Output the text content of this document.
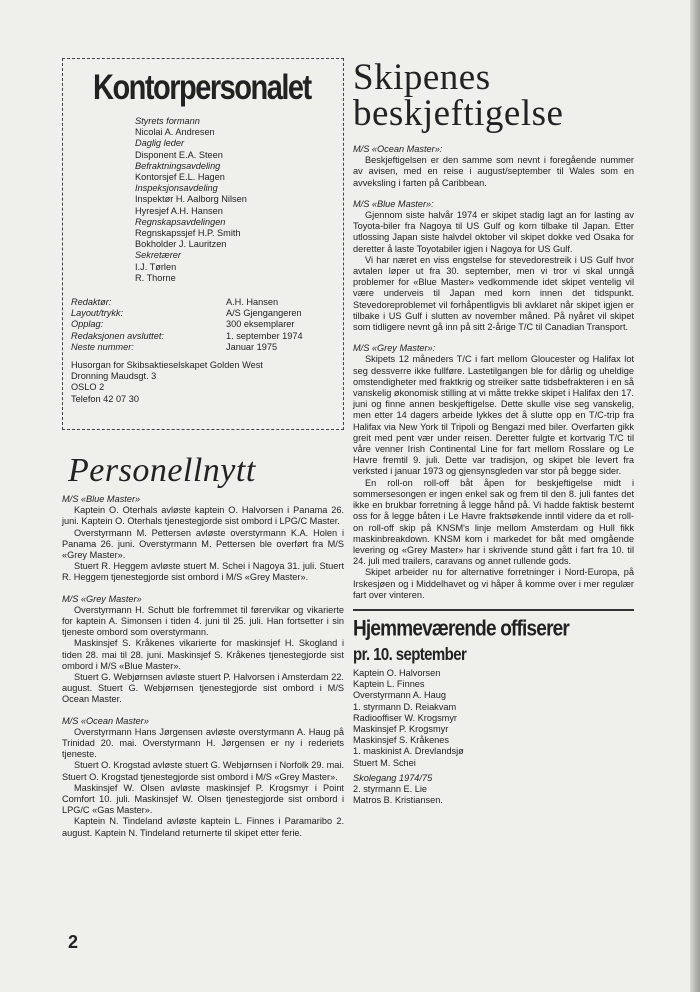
Kontorpersonalet
Styrets formann
Nicolai A. Andresen
Daglig leder
Disponent E.A. Steen
Befraktningsavdeling
Kontorsjef E.L. Hagen
Inspeksjonsavdeling
Inspektør H. Aalborg Nilsen
Hyresjef A.H. Hansen
Regnskapsavdelingen
Regnskapssjef H.P. Smith
Bokholder J. Lauritzen
Sekretærer
I.J. Tørlen
R. Thorne
Redaktør:	A.H. Hansen
Layout/trykk:	A/S Gjengangeren
Opplag:	300 eksemplarer
Redaksjonen avsluttet:	1. september 1974
Neste nummer:	Januar 1975
Husorgan for Skibsaktieselskapet Golden West
Dronning Maudsgt. 3
OSLO 2
Telefon 42 07 30
Personellnytt
M/S «Blue Master»

Kaptein O. Oterhals avløste kaptein O. Halvorsen i Panama 26. juni. Kaptein O. Oterhals tjenestegjorde sist ombord i LPG/C Master.

Overstyrmann M. Pettersen avløste overstyrmann K.A. Holen i Panama 26. juni. Overstyrmann M. Pettersen ble overført fra M/S «Grey Master».

Stuert R. Heggem avløste stuert M. Schei i Nagoya 31. juli. Stuert R. Heggem tjenestegjorde sist ombord i M/S «Grey Master».

M/S «Grey Master»

Overstyrmann H. Schutt ble forfremmet til førervikar og vikarierte for kaptein A. Simonsen i tiden 4. juni til 25. juli. Han fortsetter i sin tjeneste ombord som overstyrmann.

Maskinsjef S. Kråkenes vikarierte for maskinsjef H. Skogland i tiden 28. mai til 28. juni. Maskinsjef S. Kråkenes tjenestegjorde sist ombord i M/S «Blue Master».

Stuert G. Webjørnsen avløste stuert P. Halvorsen i Amsterdam 22. august. Stuert G. Webjørnsen tjenestegjorde sist ombord i M/S Ocean Master.

M/S «Ocean Master»

Overstyrmann Hans Jørgensen avløste overstyrmann A. Haug på Trinidad 20. mai. Overstyrmann H. Jørgensen er ny i rederiets tjeneste.

Stuert O. Krogstad avløste stuert G. Webjørnsen i Norfolk 29. mai. Stuert O. Krogstad tjenestegjorde sist ombord i M/S «Grey Master».

Maskinsjef W. Olsen avløste maskinsjef P. Krogsmyr i Point Comfort 10. juli. Maskinsjef W. Olsen tjenestegjorde sist ombord i LPG/C «Gas Master».

Kaptein N. Tindeland avløste kaptein L. Finnes i Paramaribo 2. august. Kaptein N. Tindeland returnerte til skipet etter ferie.

Skipenes
beskjeftigelse
M/S «Ocean Master»:

Beskjeftigelsen er den samme som nevnt i foregående nummer av avisen, med en reise i august/september til Wales som en avveksling i farten på Caribbean.

M/S «Blue Master»:

Gjennom siste halvår 1974 er skipet stadig lagt an for lasting av Toyota-biler fra Nagoya til US Gulf og korn tilbake til Japan. Etter utlossing Japan siste halvdel oktober vil skipet dokke ved Osaka for deretter å laste Toyotabiler igjen i Nagoya for US Gulf.

Vi har næret en viss engstelse for stevedorestreik i US Gulf hvor avtalen løper ut fra 30. september, men vi tror vi skal unngå problemer for «Blue Master» vedkommende idet skipet ventelig vil være underveis til Japan med korn innen det tidspunkt. Stevedoreproblemet vil forhåpentligvis bli avklaret når skipet igjen er tilbake i US Gulf i slutten av november måned. På nyåret vil skipet som tidligere nevnt gå inn på sitt 2-årige T/C til Canadian Transport.

M/S «Grey Master»:

Skipets 12 måneders T/C i fart mellom Gloucester og Halifax lot seg dessverre ikke fullføre. Lastetilgangen ble for dårlig og uheldige omstendigheter med fraktkrig og streiker satte tidsbefrakteren i en så vanskelig økonomisk stilling at vi måtte trekke skipet i Halifax den 17. juni og finne annen beskjeftigelse. Dette skulle vise seg vanskelig, men etter 14 dagers arbeide lykkes det å slutte opp en T/C-trip fra Halifax via New York til Tripoli og Bengazi med biler. Overfarten gikk greit med pent vær under reisen. Deretter fulgte et kortvarig T/C til våre venner Irish Continental Line for fart mellom Rosslare og Le Havre fremtil 9. juli. Dette var tradisjon, og skipet ble levert fra verksted i januar 1973 og gjensynsgleden var stor på begge sider.

En roll-on roll-off båt åpen for beskjeftigelse midt i sommersesongen er ingen enkel sak og frem til den 8. juli fantes det ikke en brukbar forretning å legge hånd på. Vi hadde faktisk bestemt oss for å legge båten i Le Havre fraktsøkende inntil videre da et roll-on roll-off skip på KNSM's linje mellom Amsterdam og Hull fikk maskinbreakdown. KNSM kom i markedet for båt med omgående levering og «Grey Master» har i skrivende stund gått i fart fra 10. til 24. juli med trailers, caravans og annet rullende gods.

Skipet arbeider nu for alternative forretninger i Nord-Europa, på Irskesjøen og i Middelhavet og vi håper å komme over i mer regulær fart over vinteren.

Hjemmeværende offiserer
pr. 10. september
Kaptein O. Halvorsen
Kaptein L. Finnes
Overstyrmann A. Haug
1. styrmann D. Reiakvam
Radiooffiser W. Krogsmyr
Maskinsjef P. Krogsmyr
Maskinsjef S. Kråkenes
1. maskinist A. Drevlandsjø
Stuert M. Schei
Skolegang 1974/75
2. styrmann E. Lie
Matros B. Kristiansen.
2
